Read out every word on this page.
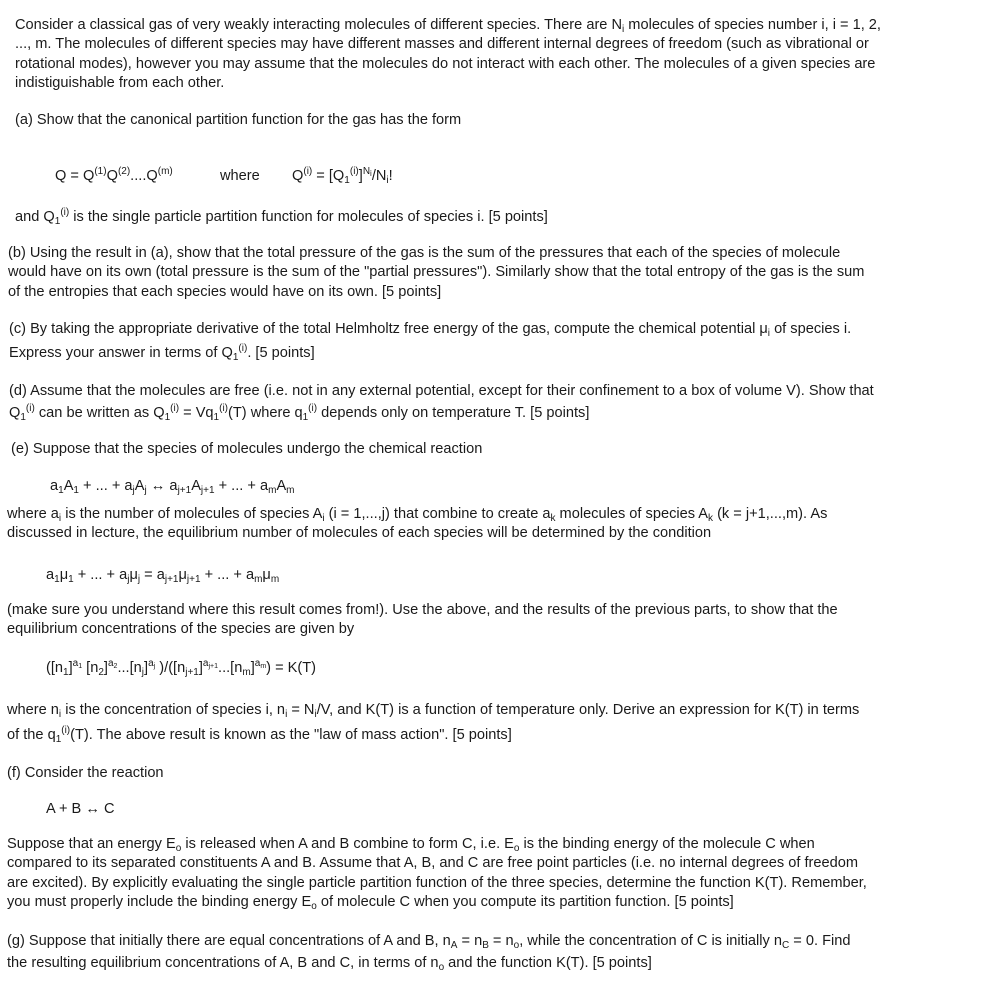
Consider a classical gas of very weakly interacting molecules of different species. There are $N_i$ molecules of species number i, i = 1, 2,

..., m. The molecules of different species may have different masses and different internal degrees of freedom (such as vibrational or

rotational modes), however you may assume that the molecules do not interact with each other. The molecules of a given species are

indistiguishable from each other.

(a) Show that the canonical partition function for the gas has the form

$Q = Q^{(1)}Q^{(2)}....Q^{(m)}$	where $Q^{(i)} = [Q_1^{(i)}]^{N_i}/N_i$!

and $Q_1^{(i)}$ is the single particle partition function for molecules of species i. [5 points]

(b) Using the result in (a), show that the total pressure of the gas is the sum of the pressures that each of the species of molecule

would have on its own (total pressure is the sum of the "partial pressures"). Similarly show that the total entropy of the gas is the sum

of the entropies that each species would have on its own. [5 points]

(c) By taking the appropriate derivative of the total Helmholtz free energy of the gas, compute the chemical potential $\mu_i$ of species i.

Express your answer in terms of $Q_1^{(i)}$. [5 points]

(d) Assume that the molecules are free (i.e. not in any external potential, except for their confinement to a box of volume V). Show that

$Q_1^{(i)}$ can be written as $Q_1^{(i)} = Vq_1^{(i)}(T)$ where $q_1^{(i)}$ depends only on temperature T. [5 points]

(e) Suppose that the species of molecules undergo the chemical reaction

$a_1A_1$ + ... + $a_jA_j$ ↔ $a_{j+1}A_{j+1}$ + ... + $a_mA_m$

where $a_i$ is the number of molecules of species $A_i$ (i = 1,...,j) that combine to create $a_k$ molecules of species $A_k$ (k = j+1,...,m). As

discussed in lecture, the equilibrium number of molecules of each species will be determined by the condition

$a_1\mu_1$ + ... + $a_j\mu_j = a_{j+1}\mu_{j+1}$ + ... + $a_m\mu_m$

(make sure you understand where this result comes from!). Use the above, and the results of the previous parts, to show that the

equilibrium concentrations of the species are given by

($[n_1]^{a_1}$ $[n_2]^{a_2}...[n_j]^{a_j}$ )$/([n_{j+1}]^{a_{j+1}}...[n_m]^{a_m}) = K(T)$

where $n_i$ is the concentration of species i, $n_i = N_i/V$, and K(T) is a function of temperature only. Derive an expression for K(T) in terms

of the $q_1^{(i)}(T)$. The above result is known as the "law of mass action". [5 points]

(f) Consider the reaction

A + B ↔ C

Suppose that an energy $E_o$ is released when A and B combine to form C, i.e. $E_o$ is the binding energy of the molecule C when

compared to its separated constituents A and B. Assume that A, B, and C are free point particles (i.e. no internal degrees of freedom

are excited). By explicitly evaluating the single particle partition function of the three species, determine the function K(T). Remember,

you must properly include the binding energy $E_o$ of molecule C when you compute its partition function. [5 points]

(g) Suppose that initially there are equal concentrations of A and B, $n_A = n_B = n_o$, while the concentration of C is initially $n_C = 0$. Find

the resulting equilibrium concentrations of A, B and C, in terms of $n_o$ and the function K(T). [5 points]
